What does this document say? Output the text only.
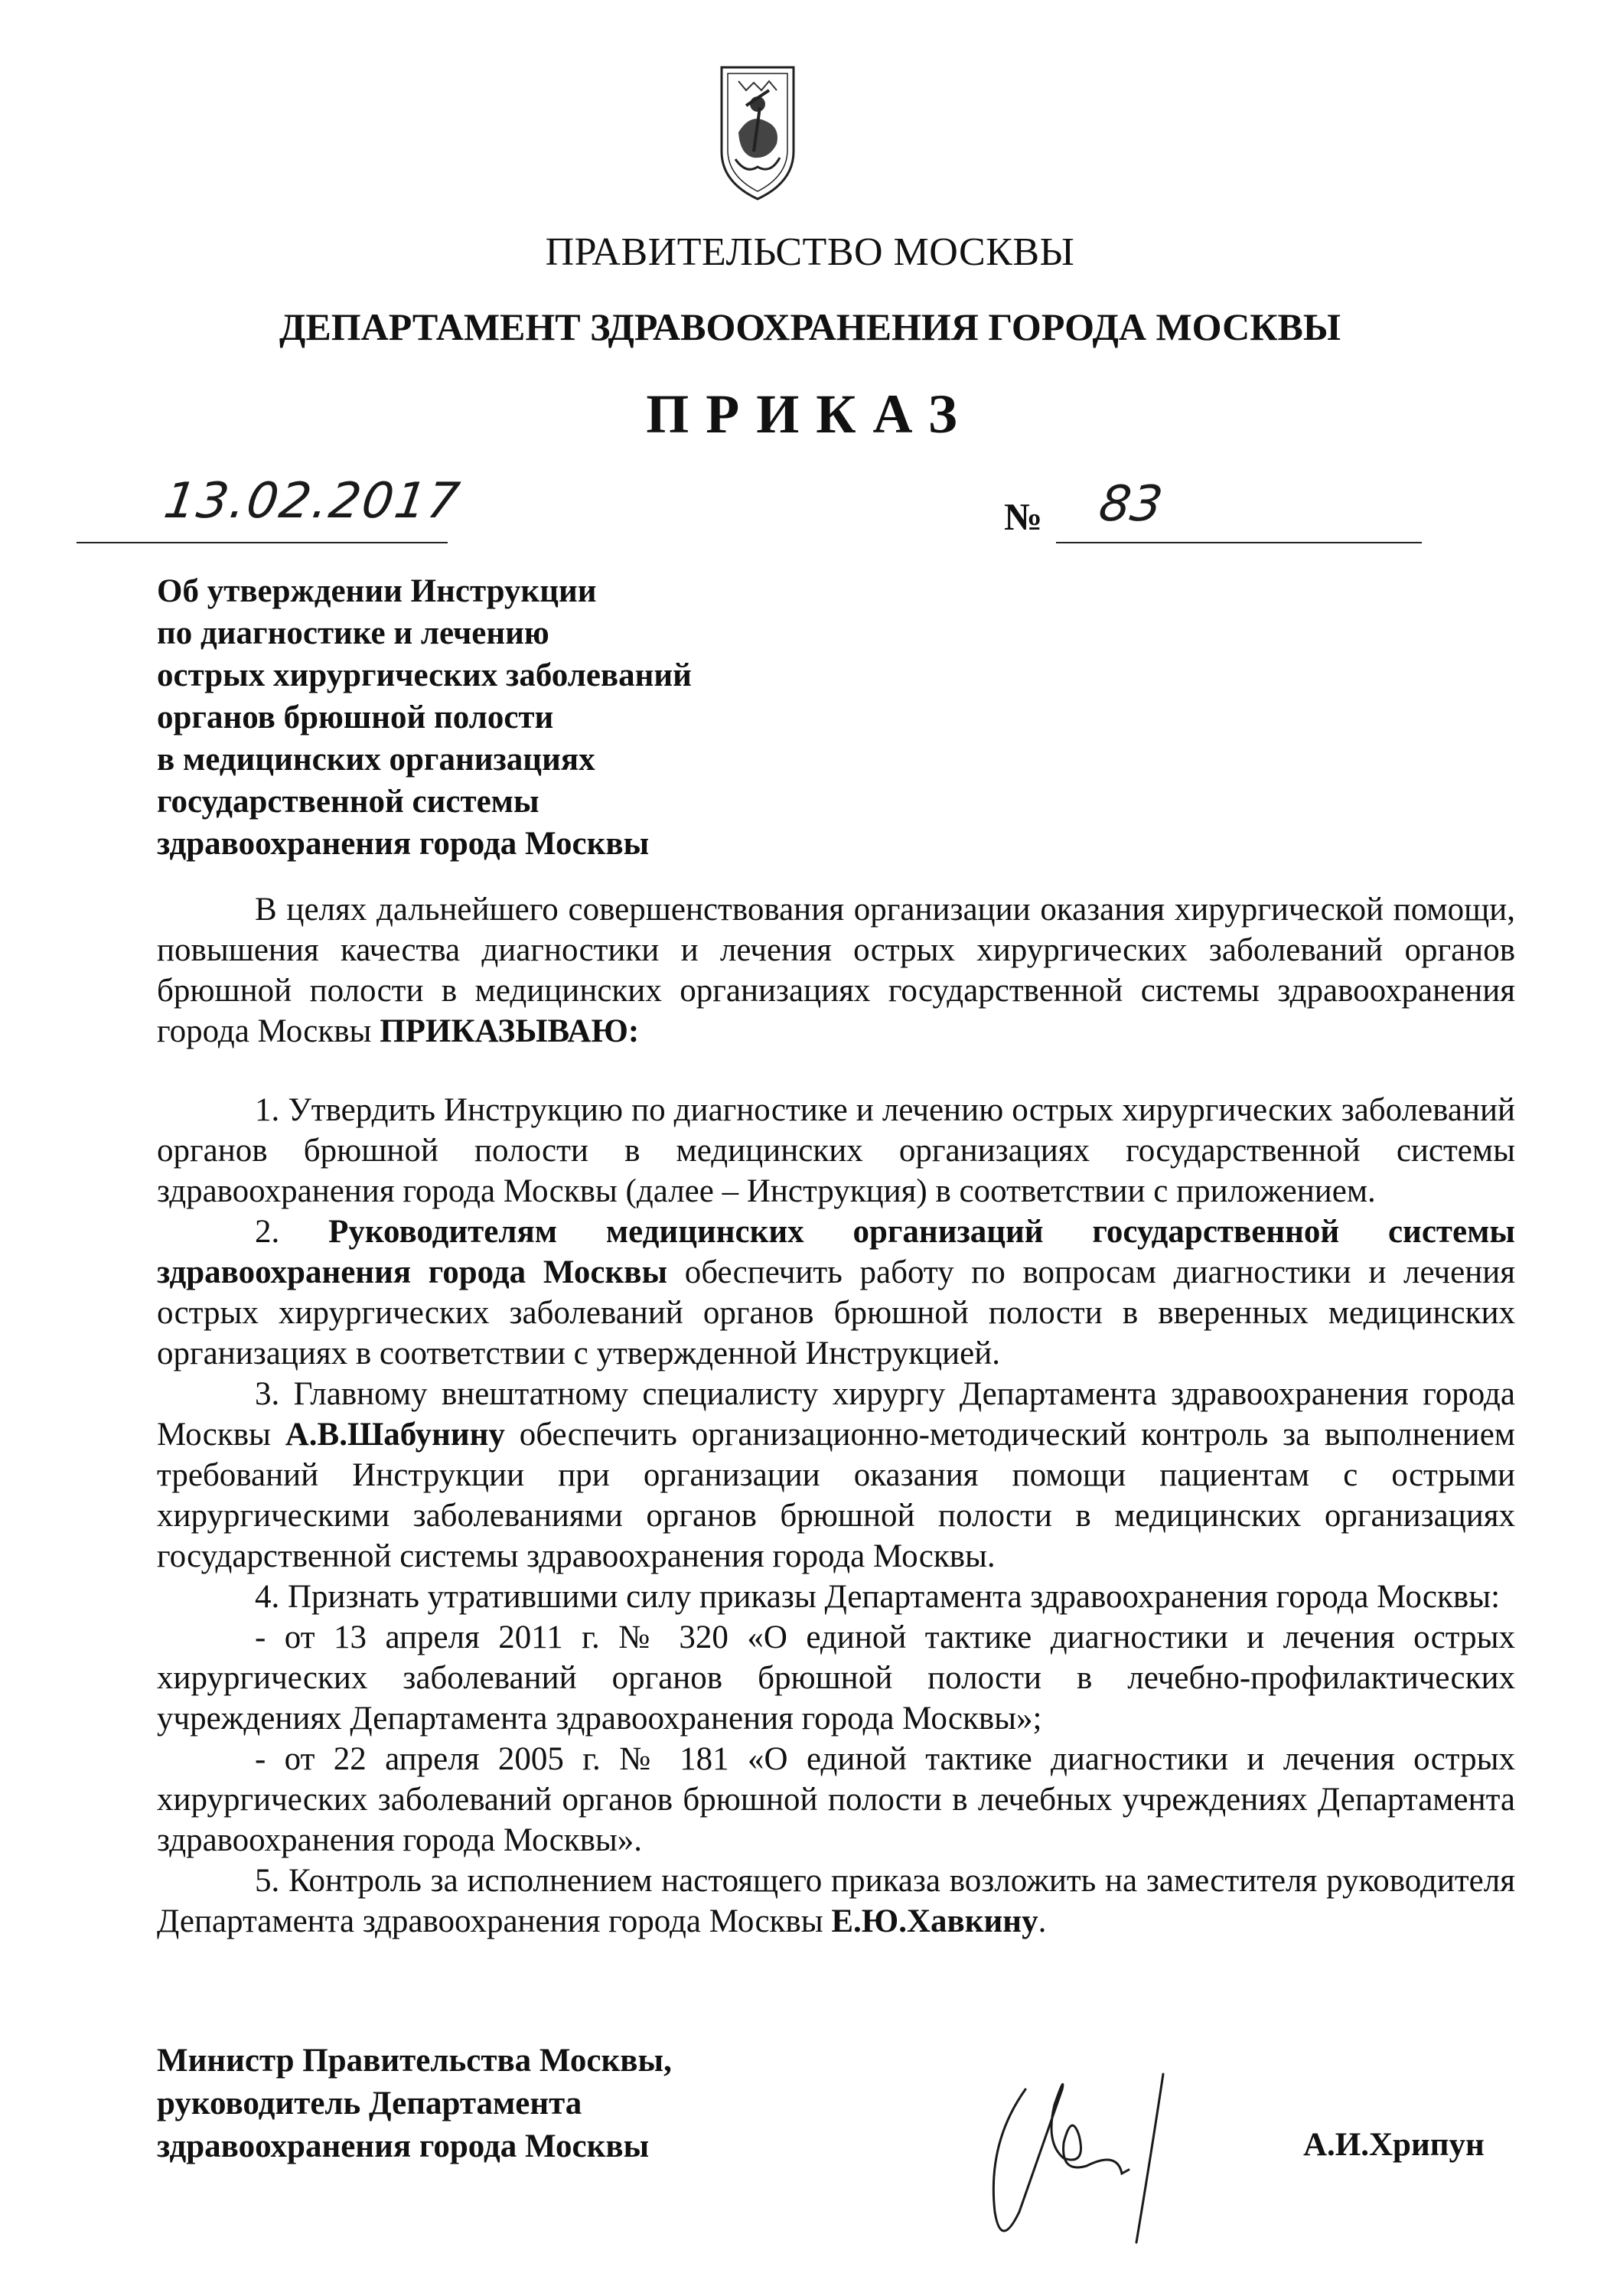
ПРАВИТЕЛЬСТВО МОСКВЫ
ДЕПАРТАМЕНТ ЗДРАВООХРАНЕНИЯ ГОРОДА МОСКВЫ
ПРИКАЗ
13.02.2017	№ 83
Об утверждении Инструкции
по диагностике и лечению
острых хирургических заболеваний
органов брюшной полости
в медицинских организациях
государственной системы
здравоохранения города Москвы

В целях дальнейшего совершенствования организации оказания хирургической помощи, повышения качества диагностики и лечения острых хирургических заболеваний органов брюшной полости в медицинских организациях государственной системы здравоохранения города Москвы ПРИКАЗЫВАЮ:

1. Утвердить Инструкцию по диагностике и лечению острых хирургических заболеваний органов брюшной полости в медицинских организациях государственной системы здравоохранения города Москвы (далее – Инструкция) в соответствии с приложением.

2. Руководителям медицинских организаций государственной системы здравоохранения города Москвы обеспечить работу по вопросам диагностики и лечения острых хирургических заболеваний органов брюшной полости в вверенных медицинских организациях в соответствии с утвержденной Инструкцией.

3. Главному внештатному специалисту хирургу Департамента здравоохранения города Москвы А.В.Шабунину обеспечить организационно-методический контроль за выполнением требований Инструкции при организации оказания помощи пациентам с острыми хирургическими заболеваниями органов брюшной полости в медицинских организациях государственной системы здравоохранения города Москвы.

4. Признать утратившими силу приказы Департамента здравоохранения города Москвы:

- от 13 апреля 2011 г. № 320 «О единой тактике диагностики и лечения острых хирургических заболеваний органов брюшной полости в лечебно-профилактических учреждениях Департамента здравоохранения города Москвы»;

- от 22 апреля 2005 г. № 181 «О единой тактике диагностики и лечения острых хирургических заболеваний органов брюшной полости в лечебных учреждениях Департамента здравоохранения города Москвы».

5. Контроль за исполнением настоящего приказа возложить на заместителя руководителя Департамента здравоохранения города Москвы Е.Ю.Хавкину.

Министр Правительства Москвы,
руководитель Департамента
здравоохранения города Москвы	А.И.Хрипун
